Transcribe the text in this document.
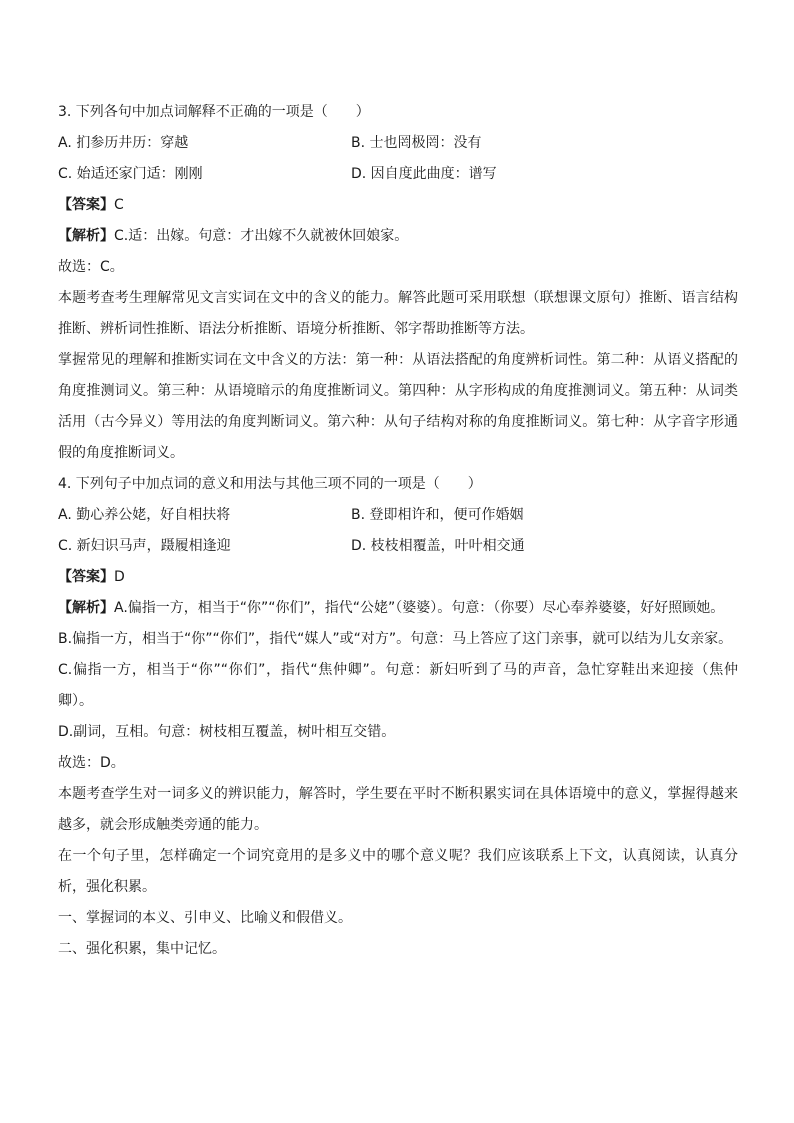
3. 下列各句中加点词解释不正确的一项是（　　）

A. 扪参历井历：穿越	B. 士也罔极罔：没有
C. 始适还家门适：刚刚	D. 因自度此曲度：谱写

【答案】C

【解析】C.适：出嫁。句意：才出嫁不久就被休回娘家。

故选：C。

本题考查考生理解常见文言实词在文中的含义的能力。解答此题可采用联想（联想课文原句）推断、语言结构推断、辨析词性推断、语法分析推断、语境分析推断、邻字帮助推断等方法。

掌握常见的理解和推断实词在文中含义的方法：第一种：从语法搭配的角度辨析词性。第二种：从语义搭配的角度推测词义。第三种：从语境暗示的角度推断词义。第四种：从字形构成的角度推测词义。第五种：从词类活用（古今异义）等用法的角度判断词义。第六种：从句子结构对称的角度推断词义。第七种：从字音字形通假的角度推断词义。

4. 下列句子中加点词的意义和用法与其他三项不同的一项是（　　）

A. 勤心养公姥，好自相扶将	B. 登即相许和，便可作婚姻
C. 新妇识马声，蹑履相逢迎	D. 枝枝相覆盖，叶叶相交通

【答案】D

【解析】A.偏指一方，相当于“你”“你们”，指代“公姥”（婆婆）。句意：（你要）尽心奉养婆婆，好好照顾她。

B.偏指一方，相当于“你”“你们”，指代“媒人”或“对方”。句意：马上答应了这门亲事，就可以结为儿女亲家。

C.偏指一方，相当于“你”“你们”，指代“焦仲卿”。句意：新妇听到了马的声音，急忙穿鞋出来迎接（焦仲卿）。

D.副词，互相。句意：树枝相互覆盖，树叶相互交错。

故选：D。

本题考查学生对一词多义的辨识能力，解答时，学生要在平时不断积累实词在具体语境中的意义，掌握得越来越多，就会形成触类旁通的能力。

在一个句子里，怎样确定一个词究竟用的是多义中的哪个意义呢？我们应该联系上下文，认真阅读，认真分析，强化积累。

一、掌握词的本义、引申义、比喻义和假借义。

二、强化积累，集中记忆。
